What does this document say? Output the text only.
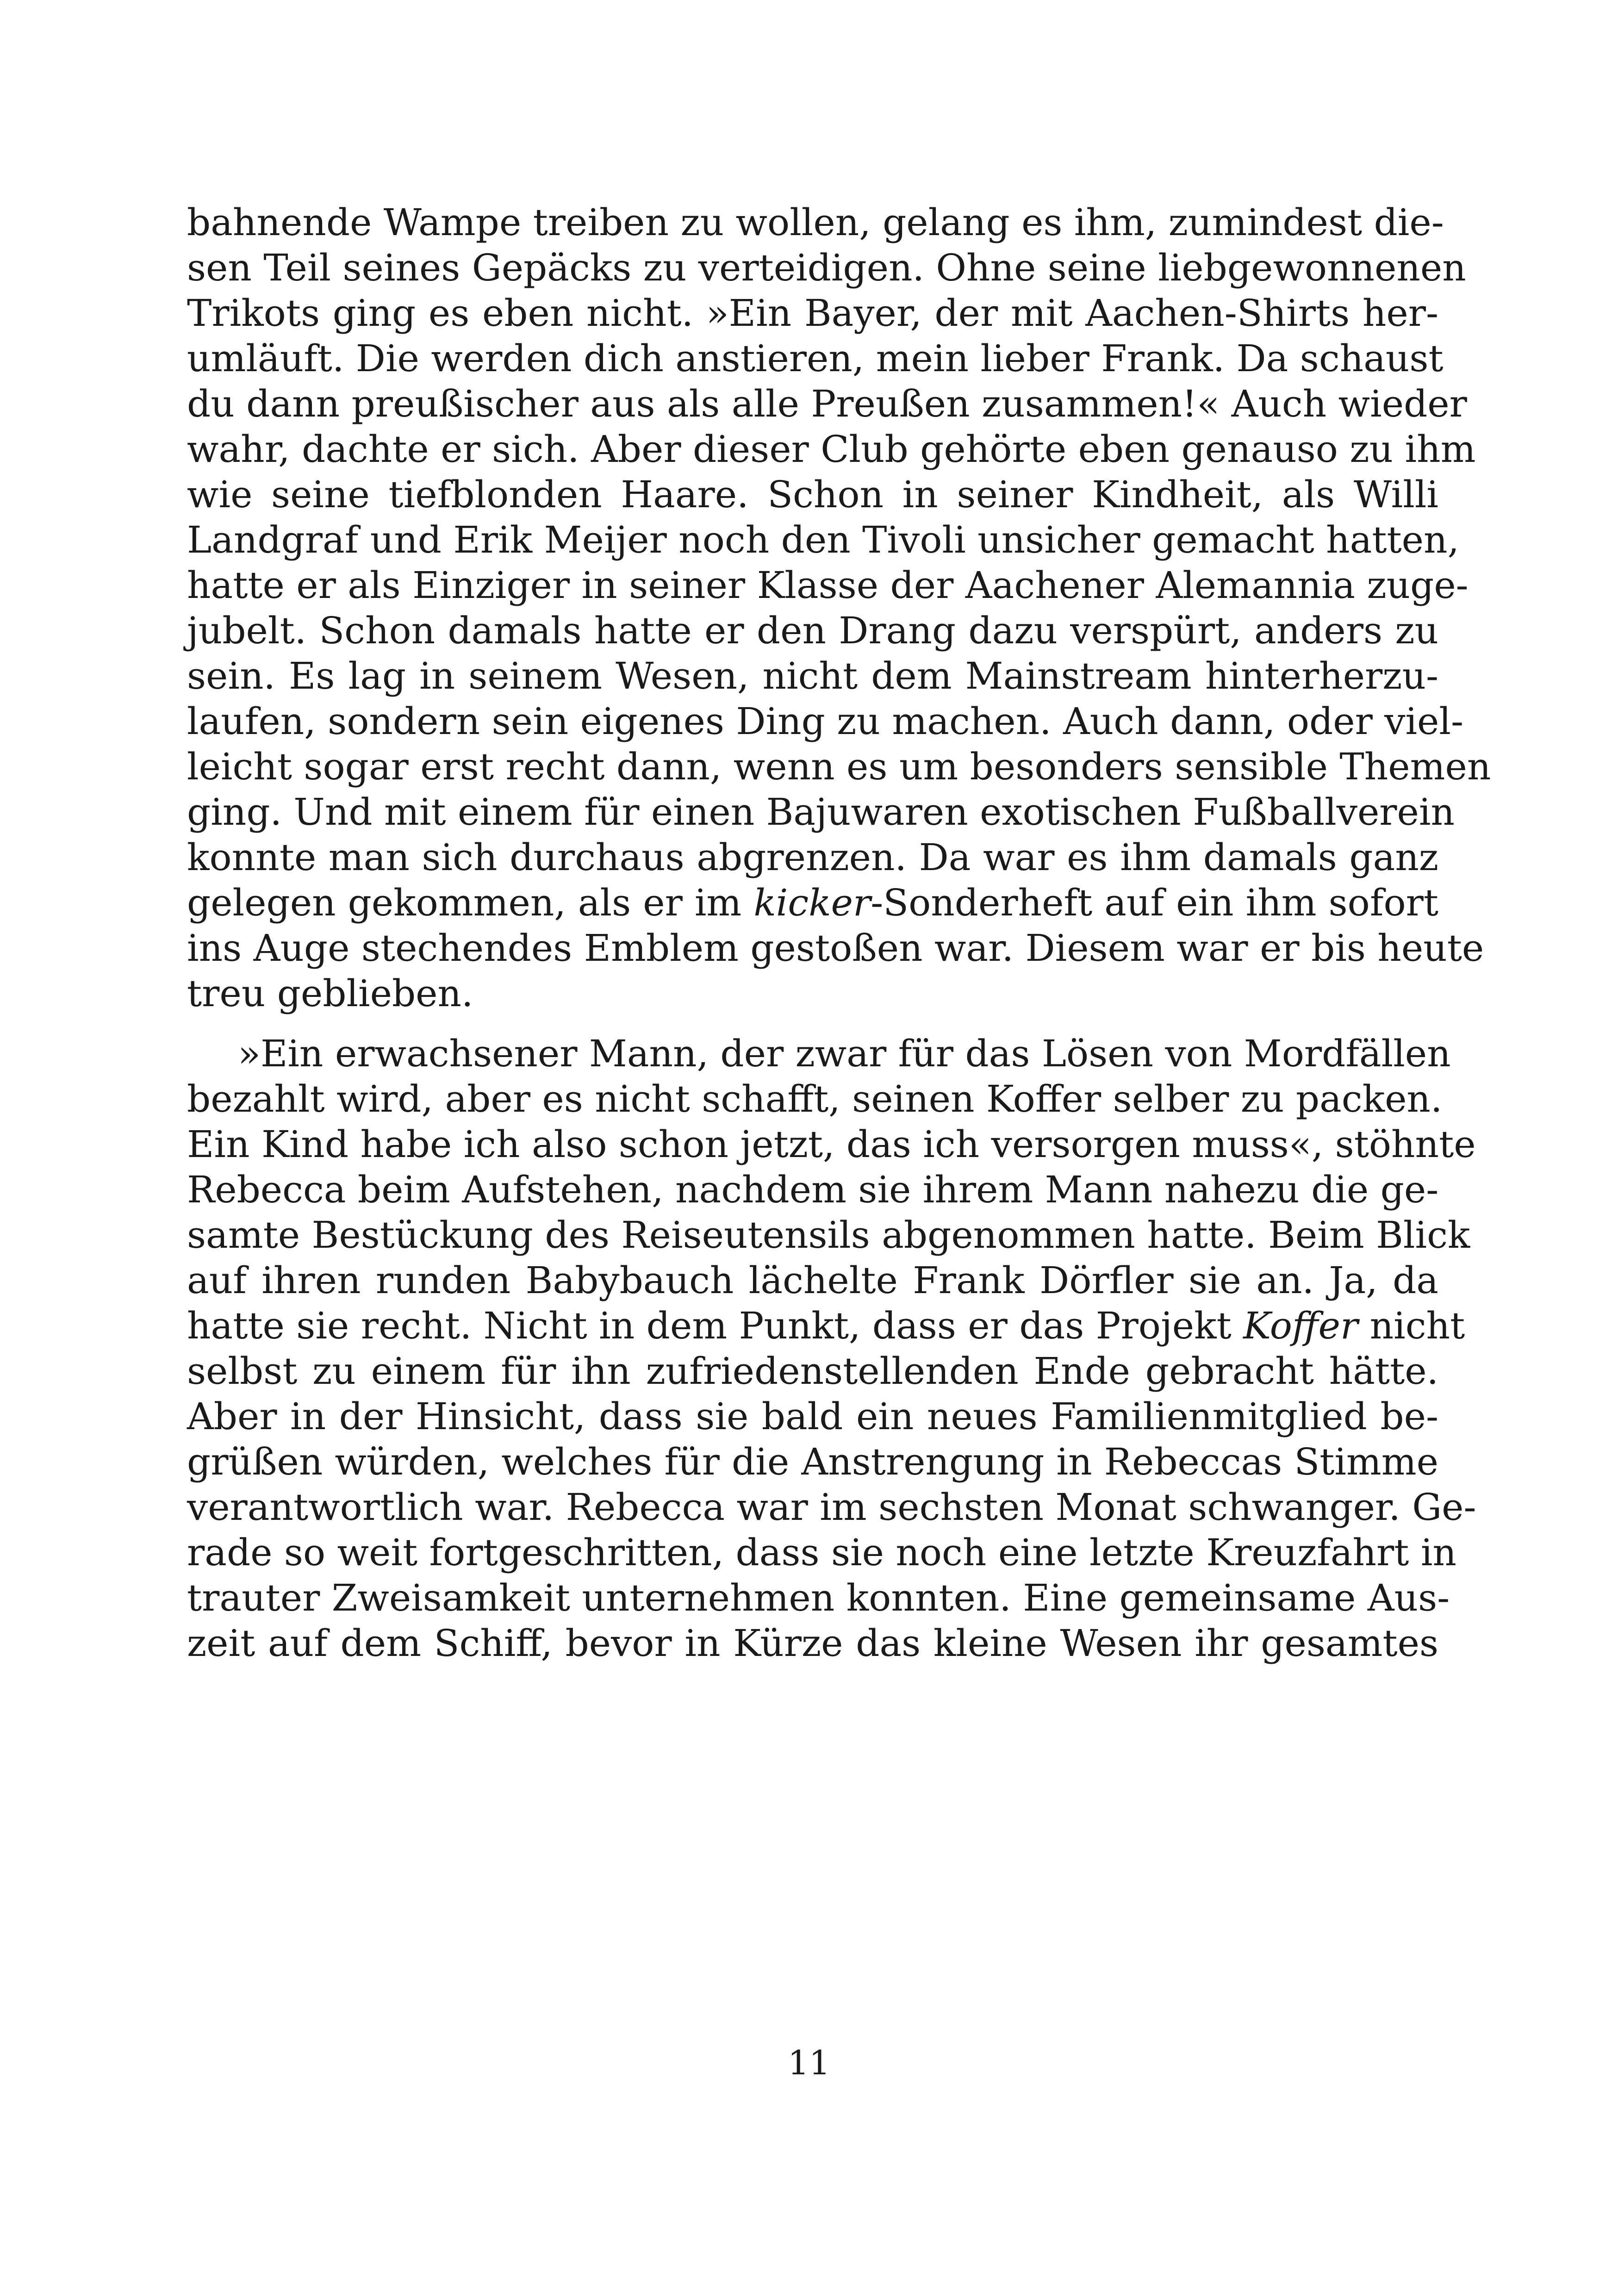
bahnende Wampe treiben zu wollen, gelang es ihm, zumindest die-
sen Teil seines Gepäcks zu verteidigen. Ohne seine liebgewonnenen
Trikots ging es eben nicht. »Ein Bayer, der mit Aachen-Shirts her-
umläuft. Die werden dich anstieren, mein lieber Frank. Da schaust
du dann preußischer aus als alle Preußen zusammen!« Auch wieder
wahr, dachte er sich. Aber dieser Club gehörte eben genauso zu ihm
wie seine tiefblonden Haare. Schon in seiner Kindheit, als Willi
Landgraf und Erik Meijer noch den Tivoli unsicher gemacht hatten,
hatte er als Einziger in seiner Klasse der Aachener Alemannia zuge-
jubelt. Schon damals hatte er den Drang dazu verspürt, anders zu
sein. Es lag in seinem Wesen, nicht dem Mainstream hinterherzu-
laufen, sondern sein eigenes Ding zu machen. Auch dann, oder viel-
leicht sogar erst recht dann, wenn es um besonders sensible Themen
ging. Und mit einem für einen Bajuwaren exotischen Fußballverein
konnte man sich durchaus abgrenzen. Da war es ihm damals ganz
gelegen gekommen, als er im kicker-Sonderheft auf ein ihm sofort
ins Auge stechendes Emblem gestoßen war. Diesem war er bis heute
treu geblieben.
»Ein erwachsener Mann, der zwar für das Lösen von Mordfällen
bezahlt wird, aber es nicht schafft, seinen Koffer selber zu packen.
Ein Kind habe ich also schon jetzt, das ich versorgen muss«, stöhnte
Rebecca beim Aufstehen, nachdem sie ihrem Mann nahezu die ge-
samte Bestückung des Reiseutensils abgenommen hatte. Beim Blick
auf ihren runden Babybauch lächelte Frank Dörfler sie an. Ja, da
hatte sie recht. Nicht in dem Punkt, dass er das Projekt Koffer nicht
selbst zu einem für ihn zufriedenstellenden Ende gebracht hätte.
Aber in der Hinsicht, dass sie bald ein neues Familienmitglied be-
grüßen würden, welches für die Anstrengung in Rebeccas Stimme
verantwortlich war. Rebecca war im sechsten Monat schwanger. Ge-
rade so weit fortgeschritten, dass sie noch eine letzte Kreuzfahrt in
trauter Zweisamkeit unternehmen konnten. Eine gemeinsame Aus-
zeit auf dem Schiff, bevor in Kürze das kleine Wesen ihr gesamtes
11
